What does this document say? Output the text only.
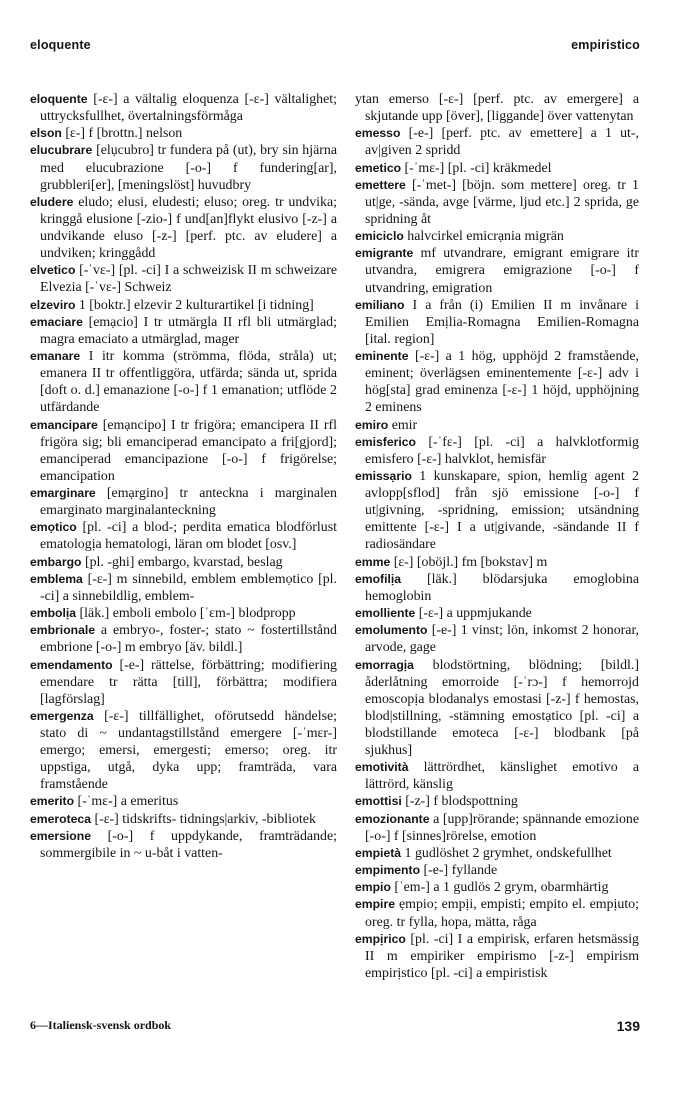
eloquente	empiristico

eloquente [-ɛ-] a vältalig eloquenza [-ɛ-] vältalighet; uttrycksfullhet, övertalningsförmåga

elson [ɛ-] f [brottn.] nelson

elucubrare [elụcubro] tr fundera på (ut), bry sin hjärna med elucubrazione [-o-] f fundering[ar], grubbleri[er], [meningslöst] huvudbry

eludere eludo; elusi, eludesti; eluso; oreg. tr undvika; kringgå elusione [-zio-] f und[an]flykt elusivo [-z-] a undvikande eluso [-z-] [perf. ptc. av eludere] a undviken; kringgådd

elvetico [-ˈvɛ-] [pl. -ci] I a schweizisk II m schweizare Elvezia [-ˈvɛ-] Schweiz

elzeviro 1 [boktr.] elzevir 2 kulturartikel [i tidning]

emaciare [emạcio] I tr utmärgla II rfl bli utmärglad; magra emaciato a utmärglad, mager

emanare I itr komma (strömma, flöda, stråla) ut; emanera II tr offentliggöra, utfärda; sända ut, sprida [doft o. d.] emanazione [-o-] f 1 emanation; utflöde 2 utfärdande

emancipare [emạncipo] I tr frigöra; emancipera II rfl frigöra sig; bli emanciperad emancipato a fri[gjord]; emanciperad emancipazione [-o-] f frigörelse; emancipation

emarginare [emạrgino] tr anteckna i marginalen emarginato marginalanteckning

emọtico [pl. -ci] a blod-; perdita ematica blodförlust ematologịa hematologi, läran om blodet [osv.]

embargo [pl. -ghi] embargo, kvarstad, beslag

emblema [-ɛ-] m sinnebild, emblem emblemọtico [pl. -ci] a sinnebildlig, emblem-

embolịa [läk.] emboli embolo [ˈɛm-] blodpropp

embrionale a embryo-, foster-; stato ~ fostertillstånd embrione [-o-] m embryo [äv. bildl.]

emendamento [-e-] rättelse, förbättring; modifiering emendare tr rätta [till], förbättra; modifiera [lagförslag]

emergenza [-ɛ-] tillfällighet, oförutsedd händelse; stato di ~ undantagstillstånd emergere [-ˈmɛr-] emergo; emersi, emergesti; emerso; oreg. itr uppstiga, utgå, dyka upp; framträda, vara framstående

emerito [-ˈmɛ-] a emeritus

emeroteca [-ɛ-] tidskrifts- tidnings|arkiv, -bibliotek

emersione [-o-] f uppdykande, framträdande; sommergibile in ~ u-båt i vatten-

ytan emerso [-ɛ-] [perf. ptc. av emergere] a skjutande upp [över], [liggande] över vattenytan

emesso [-e-] [perf. ptc. av emettere] a 1 ut-, av|given 2 spridd

emetico [-ˈmɛ-] [pl. -ci] kräkmedel

emettere [-ˈmet-] [böjn. som mettere] oreg. tr 1 ut|ge, -sända, avge [värme, ljud etc.] 2 sprida, ge spridning åt

emiciclo halvcirkel emicrạnia migrän

emigrante mf utvandrare, emigrant emigrare itr utvandra, emigrera emigrazione [-o-] f utvandring, emigration

emiliano I a från (i) Emilien II m invånare i Emilien Emịlia-Romagna Emilien-Romagna [ital. region]

eminente [-ɛ-] a 1 hög, upphöjd 2 framstående, eminent; överlägsen eminentemente [-ɛ-] adv i hög[sta] grad eminenza [-ɛ-] 1 höjd, upphöjning 2 eminens

emiro emir

emisferico [-ˈfɛ-] [pl. -ci] a halvklotformig emisfero [-ɛ-] halvklot, hemisfär

emissạrio 1 kunskapare, spion, hemlig agent 2 avlopp[sflod] från sjö emissione [-o-] f ut|givning, -spridning, emission; utsändning emittente [-ɛ-] I a ut|givande, -sändande II f radiosändare

emme [ɛ-] [oböjl.] fm [bokstav] m

emofilịa [läk.] blödarsjuka emoglobina hemoglobin

emolliente [-ɛ-] a uppmjukande

emolumento [-e-] 1 vinst; lön, inkomst 2 honorar, arvode, gage

emorragịa blodstörtning, blödning; [bildl.] åderlåtning emorroide [-ˈrɔ-] f hemorrojd emoscopịa blodanalys emostasi [-z-] f hemostas, blod|stillning, -stämning emostạtico [pl. -ci] a blodstillande emoteca [-ɛ-] blodbank [på sjukhus]

emotività lättrördhet, känslighet emotivo a lättrörd, känslig

emottisi [-z-] f blodspottning

emozionante a [upp]rörande; spännande emozione [-o-] f [sinnes]rörelse, emotion

empietà 1 gudlöshet 2 grymhet, ondskefullhet

empimento [-e-] fyllande

empio [ˈem-] a 1 gudlös 2 grym, obarmhärtig

empire ẹmpio; empịi, empisti; empito el. empịuto; oreg. tr fylla, hopa, mätta, råga

empịrico [pl. -ci] I a empirisk, erfaren hetsmässig II m empiriker empirismo [-z-] empirism empirịstico [pl. -ci] a empiristisk

6—Italiensk-svensk ordbok	139
